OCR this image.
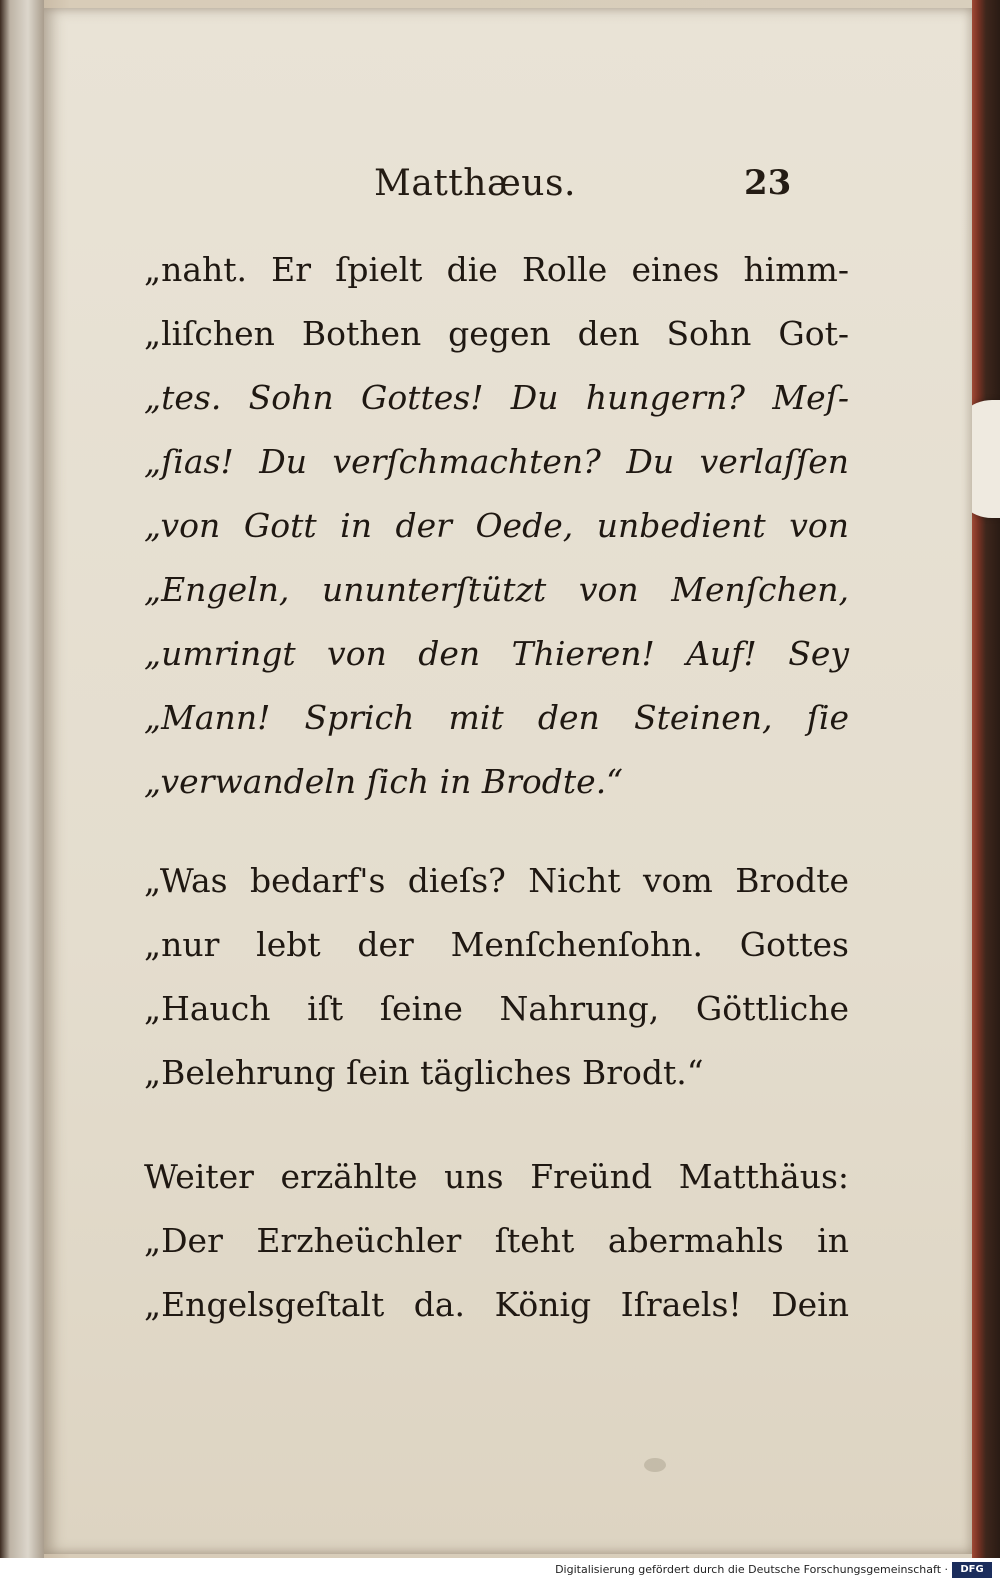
Matthæus.	23
„naht. Er ſpielt die Rolle eines himm-
„liſchen Bothen gegen den Sohn Got-
„tes. Sohn Gottes! Du hungern? Meſ-
„ſias! Du verſchmachten? Du verlaſſen
„von Gott in der Oede, unbedient von
„Engeln, ununterſtützt von Menſchen,
„umringt von den Thieren! Auf! Sey
„Mann! Sprich mit den Steinen, ſie
„verwandeln ſich in Brodte.“
„Was bedarf's dieſs? Nicht vom Brodte
„nur lebt der Menſchenſohn. Gottes
„Hauch iſt ſeine Nahrung, Göttliche
„Belehrung ſein tägliches Brodt.“
Weiter erzählte uns Freünd Matthäus:
„Der Erzheüchler ſteht abermahls in
„Engelsgeſtalt da. König Iſraels! Dein
Digitalisierung gefördert durch die Deutsche Forschungsgemeinschaft ·	DFG
